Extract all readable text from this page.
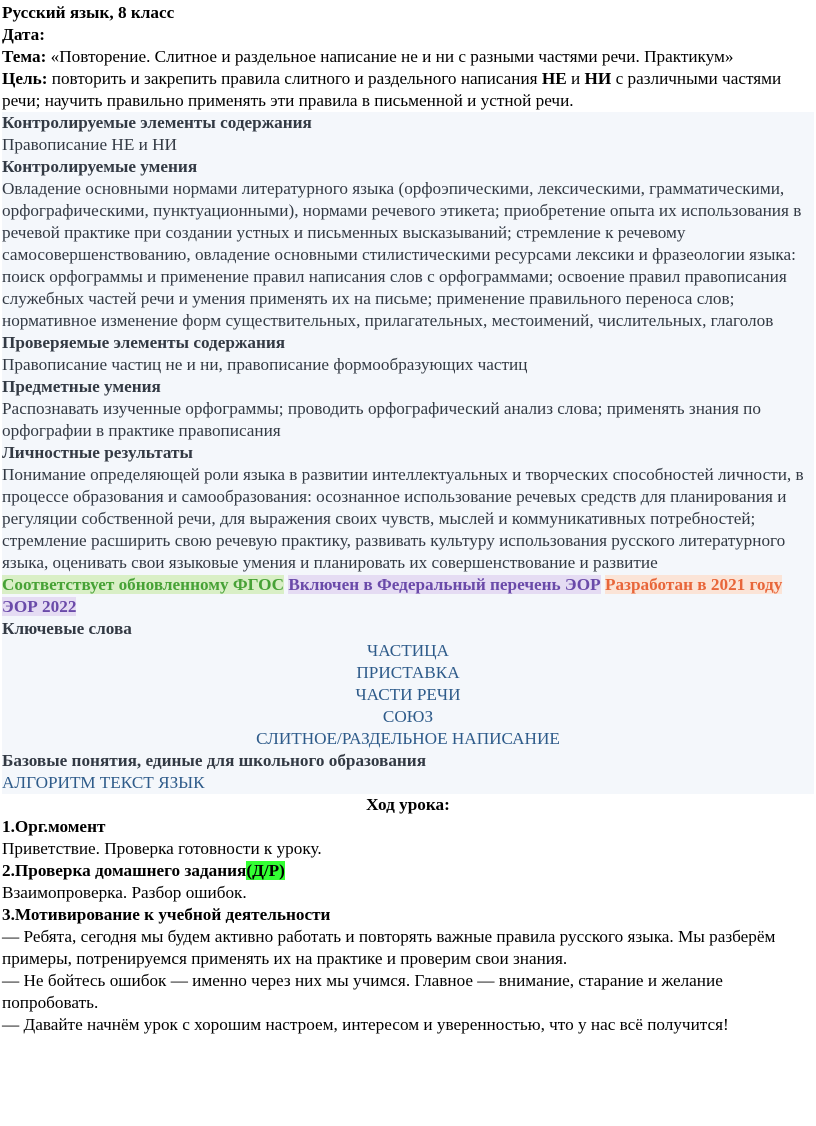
Русский язык, 8 класс

Дата:

Тема: «Повторение. Слитное и раздельное написание не и ни с разными частями речи. Практикум»

Цель: повторить и закрепить правила слитного и раздельного написания НЕ и НИ с различными частями речи; научить правильно применять эти правила в письменной и устной речи.

Контролируемые элементы содержания

Правописание НЕ и НИ

Контролируемые умения

Овладение основными нормами литературного языка (орфоэпическими, лексическими, грамматическими, орфографическими, пунктуационными), нормами речевого этикета; приобретение опыта их использования в речевой практике при создании устных и письменных высказываний; стремление к речевому самосовершенствованию, овладение основными стилистическими ресурсами лексики и фразеологии языка: поиск орфограммы и применение правил написания слов с орфограммами; освоение правил правописания служебных частей речи и умения применять их на письме; применение правильного переноса слов; нормативное изменение форм существительных, прилагательных, местоимений, числительных, глаголов

Проверяемые элементы содержания

Правописание частиц не и ни, правописание формообразующих частиц

Предметные умения

Распознавать изученные орфограммы; проводить орфографический анализ слова; применять знания по орфографии в практике правописания

Личностные результаты

Понимание определяющей роли языка в развитии интеллектуальных и творческих способностей личности, в процессе образования и самообразования: осознанное использование речевых средств для планирования и регуляции собственной речи, для выражения своих чувств, мыслей и коммуникативных потребностей; стремление расширить свою речевую практику, развивать культуру использования русского литературного языка, оценивать свои языковые умения и планировать их совершенствование и развитие

Соответствует обновленному ФГОС Включен в Федеральный перечень ЭОР Разработан в 2021 году ЭОР 2022

Ключевые слова

ЧАСТИЦА

ПРИСТАВКА

ЧАСТИ РЕЧИ

СОЮЗ

СЛИТНОЕ/РАЗДЕЛЬНОЕ НАПИСАНИЕ

Базовые понятия, единые для школьного образования

АЛГОРИТМ ТЕКСТ ЯЗЫК

Ход урока:

1.Орг.момент

Приветствие. Проверка готовности к уроку.

2.Проверка домашнего задания(Д/Р)

Взаимопроверка. Разбор ошибок.

3.Мотивирование к учебной деятельности

— Ребята, сегодня мы будем активно работать и повторять важные правила русского языка. Мы разберём примеры, потренируемся применять их на практике и проверим свои знания.

— Не бойтесь ошибок — именно через них мы учимся. Главное — внимание, старание и желание попробовать.

— Давайте начнём урок с хорошим настроем, интересом и уверенностью, что у нас всё получится!
